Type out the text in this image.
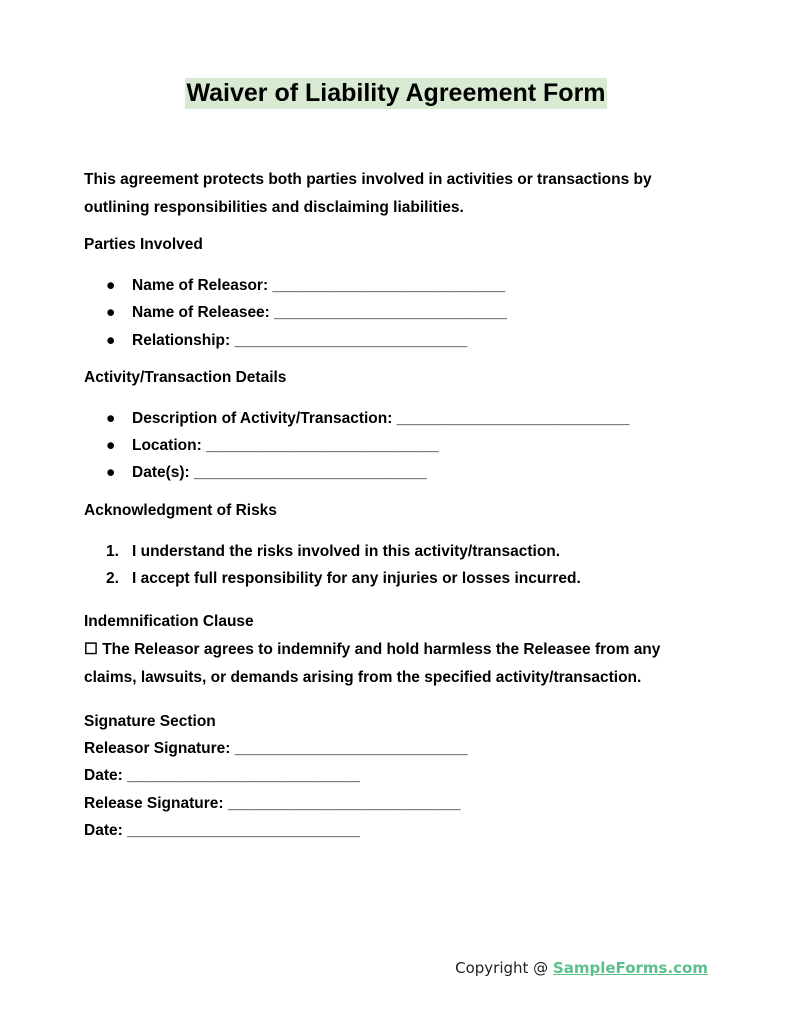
Waiver of Liability Agreement Form

This agreement protects both parties involved in activities or transactions by outlining responsibilities and disclaiming liabilities.

Parties Involved

● Name of Releasor: ___________________________
● Name of Releasee: ___________________________
● Relationship: ___________________________

Activity/Transaction Details

● Description of Activity/Transaction: ___________________________
● Location: ___________________________
● Date(s): ___________________________

Acknowledgment of Risks

1. I understand the risks involved in this activity/transaction.
2. I accept full responsibility for any injuries or losses incurred.

Indemnification Clause

☐ The Releasor agrees to indemnify and hold harmless the Releasee from any claims, lawsuits, or demands arising from the specified activity/transaction.

Signature Section

Releasor Signature: ___________________________

Date: ___________________________

Release Signature: ___________________________

Date: ___________________________

Copyright @ SampleForms.com
